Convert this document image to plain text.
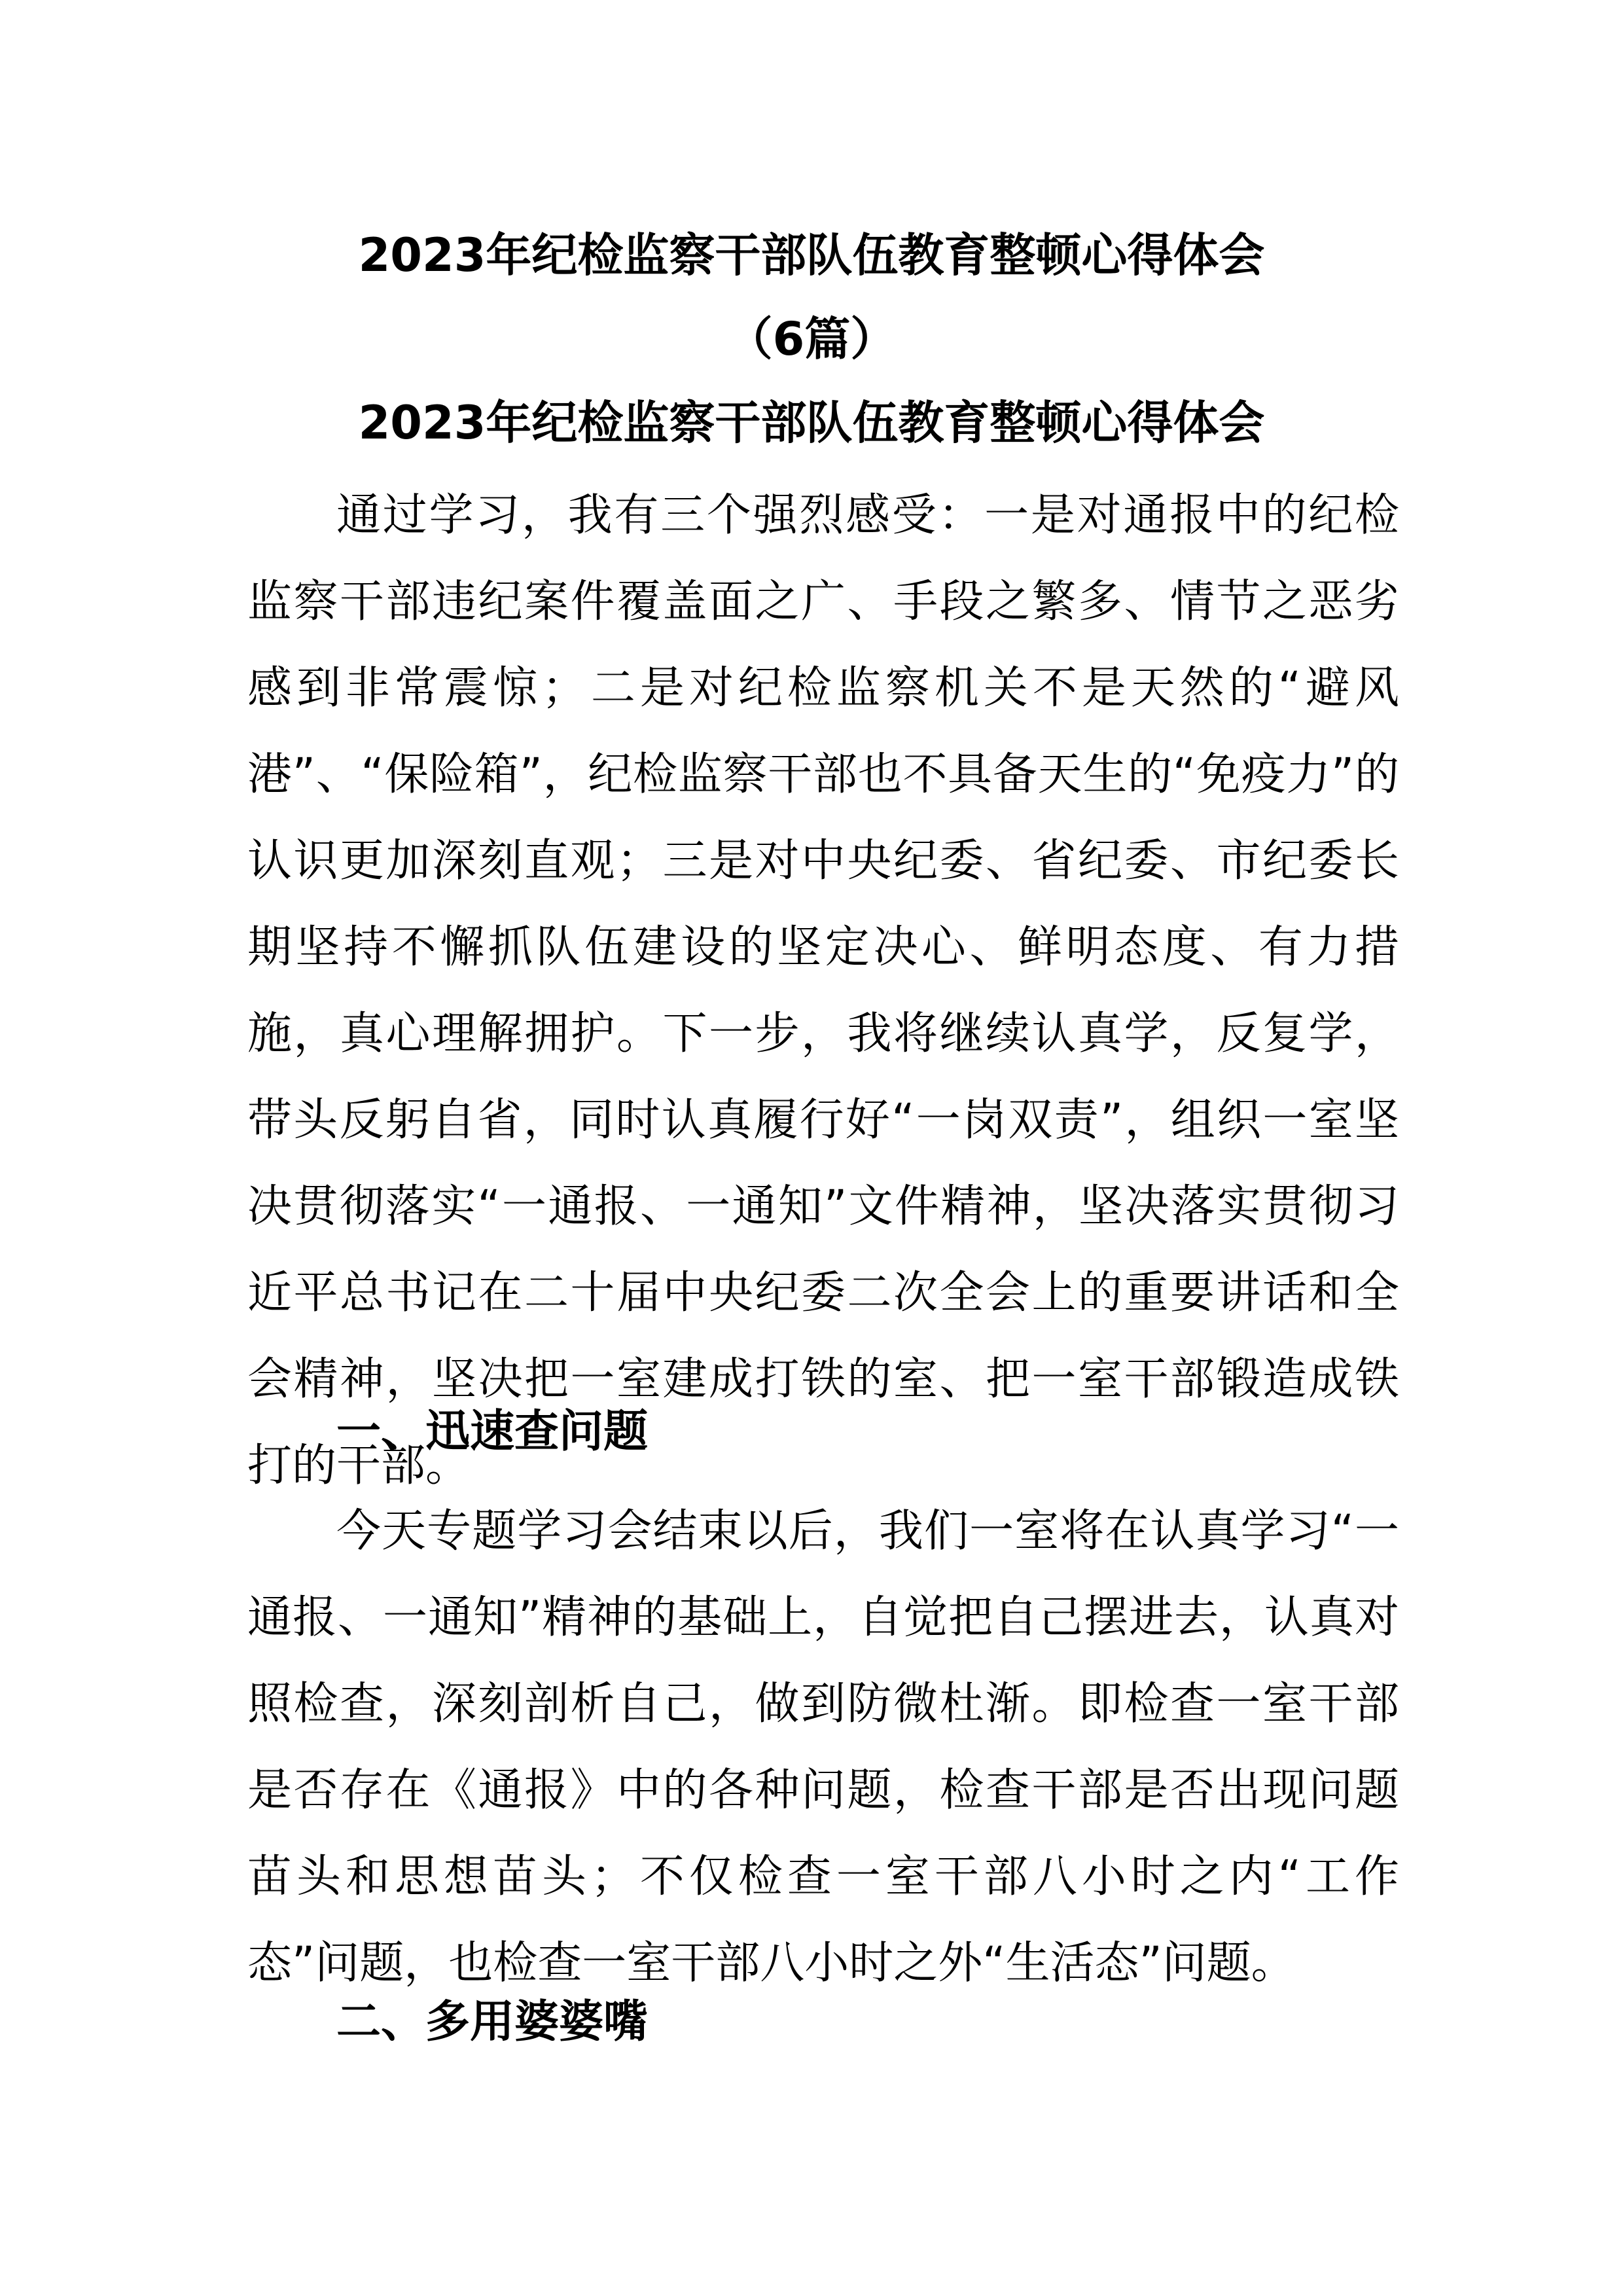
2023年纪检监察干部队伍教育整顿心得体会
（6篇）
2023年纪检监察干部队伍教育整顿心得体会

通过学习，我有三个强烈感受：一是对通报中的纪检监察干部违纪案件覆盖面之广、手段之繁多、情节之恶劣感到非常震惊；二是对纪检监察机关不是天然的“避风港”、“保险箱”，纪检监察干部也不具备天生的“免疫力”的认识更加深刻直观；三是对中央纪委、省纪委、市纪委长期坚持不懈抓队伍建设的坚定决心、鲜明态度、有力措施，真心理解拥护。下一步，我将继续认真学，反复学，带头反躬自省，同时认真履行好“一岗双责”，组织一室坚决贯彻落实“一通报、一通知”文件精神，坚决落实贯彻习近平总书记在二十届中央纪委二次全会上的重要讲话和全会精神，坚决把一室建成打铁的室、把一室干部锻造成铁打的干部。

一、迅速查问题

今天专题学习会结束以后，我们一室将在认真学习“一通报、一通知”精神的基础上，自觉把自己摆进去，认真对照检查，深刻剖析自己，做到防微杜渐。即检查一室干部是否存在《通报》中的各种问题，检查干部是否出现问题苗头和思想苗头；不仅检查一室干部八小时之内“工作态”问题，也检查一室干部八小时之外“生活态”问题。

二、多用婆婆嘴
